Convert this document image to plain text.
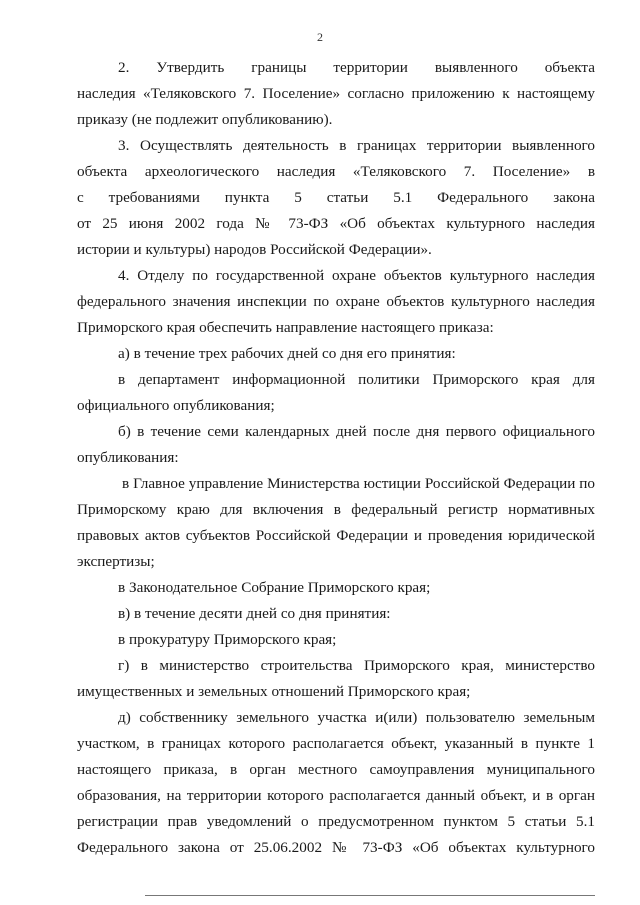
2
2. Утвердить границы территории выявленного объекта
наследия «Теляковского 7. Поселение» согласно приложению к настоящему
приказу (не подлежит опубликованию).
3. Осуществлять деятельность в границах территории выявленного
объекта археологического наследия «Теляковского 7. Поселение» в
с требованиями пункта 5 статьи 5.1 Федерального закона
от 25 июня 2002 года № 73-ФЗ «Об объектах культурного наследия
истории и культуры) народов Российской Федерации».
4. Отделу по государственной охране объектов культурного наследия
федерального значения инспекции по охране объектов культурного наследия
Приморского края обеспечить направление настоящего приказа:
а) в течение трех рабочих дней со дня его принятия:
в департамент информационной политики Приморского края для
официального опубликования;
б) в течение семи календарных дней после дня первого официального
опубликования:
в Главное управление Министерства юстиции Российской Федерации по
Приморскому краю для включения в федеральный регистр нормативных
правовых актов субъектов Российской Федерации и проведения юридической
экспертизы;
в Законодательное Собрание Приморского края;
в) в течение десяти дней со дня принятия:
в прокуратуру Приморского края;
г) в министерство строительства Приморского края, министерство
имущественных и земельных отношений Приморского края;
д) собственнику земельного участка и(или) пользователю земельным
участком, в границах которого располагается объект, указанный в пункте 1
настоящего приказа, в орган местного самоуправления муниципального
образования, на территории которого располагается данный объект, и в орган
регистрации прав уведомлений о предусмотренном пунктом 5 статьи 5.1
Федерального закона от 25.06.2002 № 73-ФЗ «Об объектах культурного
